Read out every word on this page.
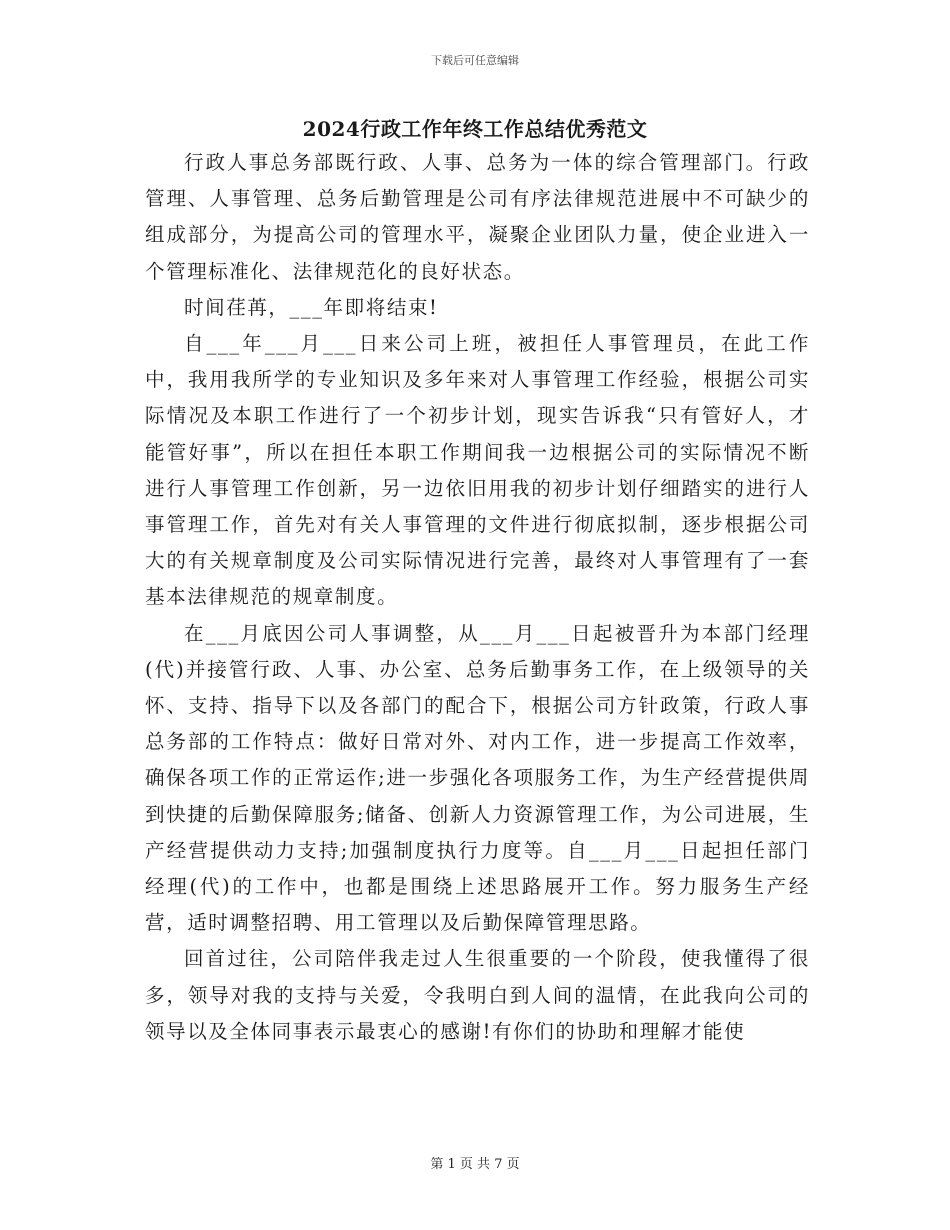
下载后可任意编辑
2024行政工作年终工作总结优秀范文

行政人事总务部既行政、人事、总务为一体的综合管理部门。行政管理、人事管理、总务后勤管理是公司有序法律规范进展中不可缺少的组成部分，为提高公司的管理水平，凝聚企业团队力量，使企业进入一个管理标准化、法律规范化的良好状态。

时间荏苒，___年即将结束!

自___年___月___日来公司上班，被担任人事管理员，在此工作中，我用我所学的专业知识及多年来对人事管理工作经验，根据公司实际情况及本职工作进行了一个初步计划，现实告诉我“只有管好人，才能管好事”，所以在担任本职工作期间我一边根据公司的实际情况不断进行人事管理工作创新，另一边依旧用我的初步计划仔细踏实的进行人事管理工作，首先对有关人事管理的文件进行彻底拟制，逐步根据公司大的有关规章制度及公司实际情况进行完善，最终对人事管理有了一套基本法律规范的规章制度。

在___月底因公司人事调整，从___月___日起被晋升为本部门经理(代)并接管行政、人事、办公室、总务后勤事务工作，在上级领导的关怀、支持、指导下以及各部门的配合下，根据公司方针政策，行政人事总务部的工作特点：做好日常对外、对内工作，进一步提高工作效率，确保各项工作的正常运作;进一步强化各项服务工作，为生产经营提供周到快捷的后勤保障服务;储备、创新人力资源管理工作，为公司进展，生产经营提供动力支持;加强制度执行力度等。自___月___日起担任部门经理(代)的工作中，也都是围绕上述思路展开工作。努力服务生产经营，适时调整招聘、用工管理以及后勤保障管理思路。

回首过往，公司陪伴我走过人生很重要的一个阶段，使我懂得了很多，领导对我的支持与关爱，令我明白到人间的温情，在此我向公司的领导以及全体同事表示最衷心的感谢!有你们的协助和理解才能使

第 1 页 共 7 页
